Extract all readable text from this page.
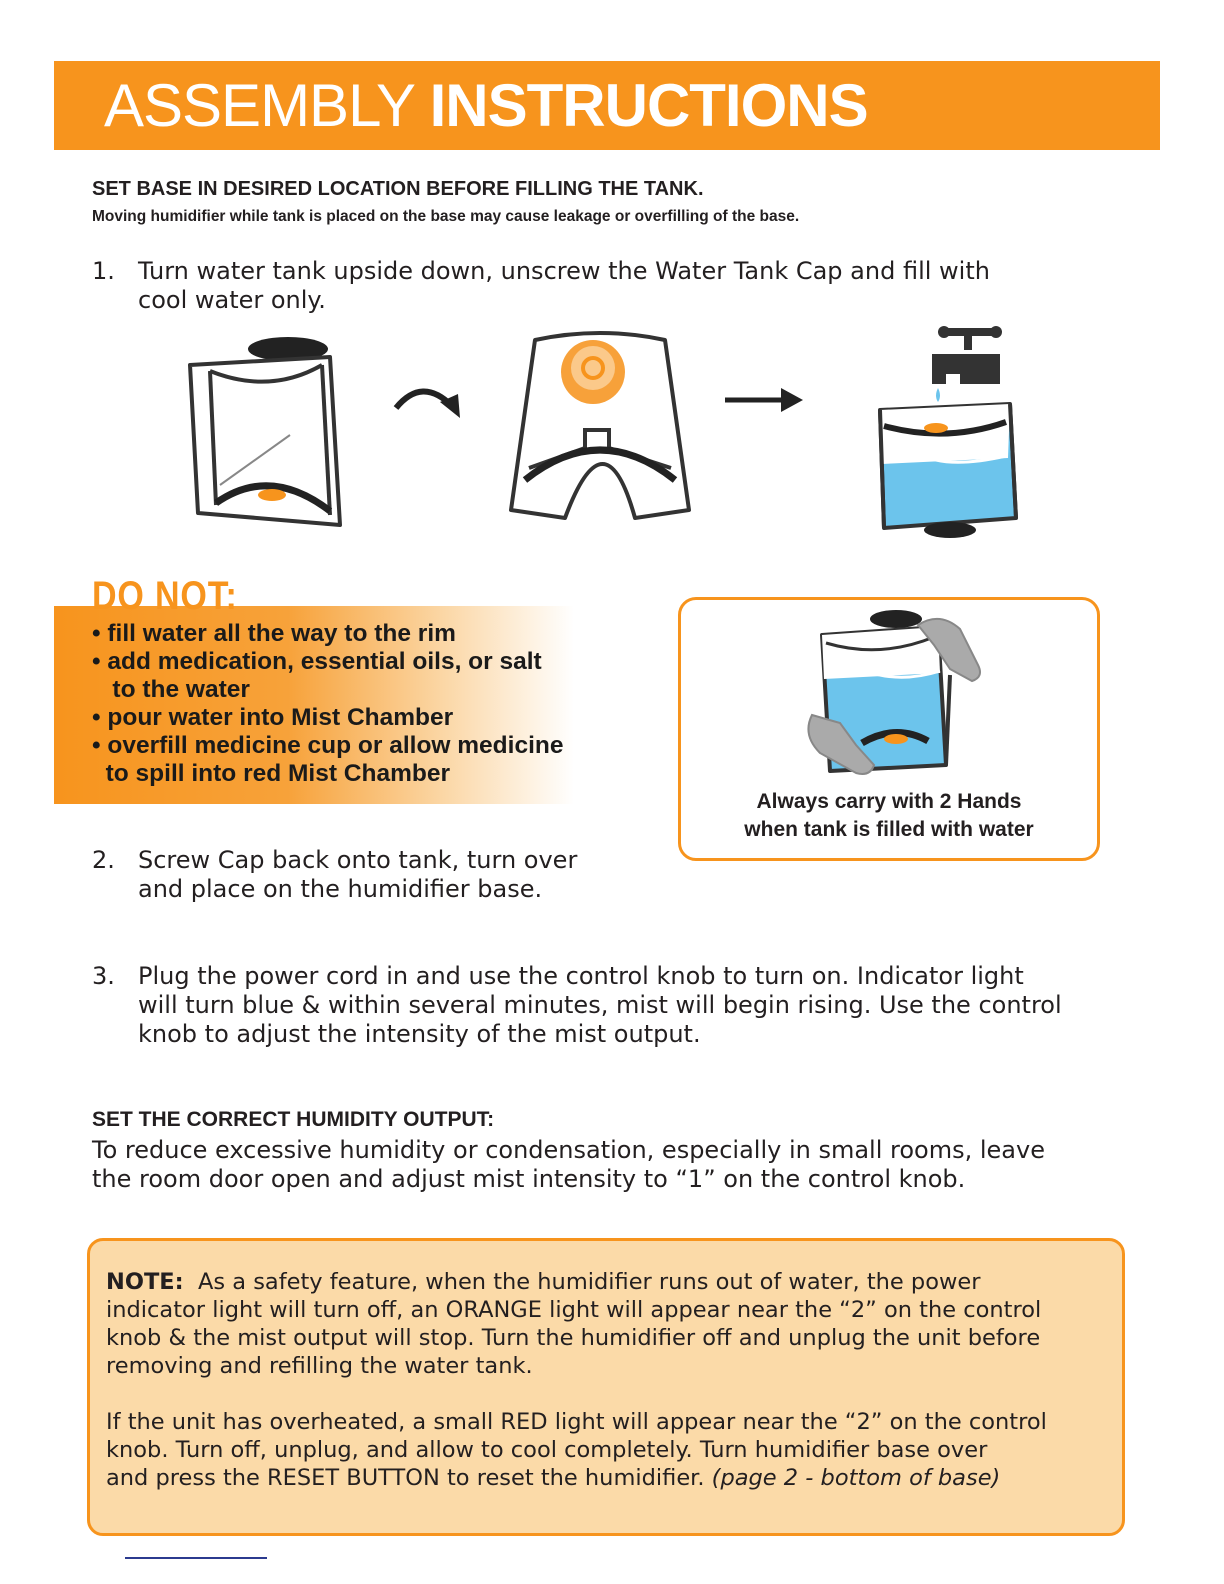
ASSEMBLY INSTRUCTIONS
SET BASE IN DESIRED LOCATION BEFORE FILLING THE TANK.
Moving humidifier while tank is placed on the base may cause leakage or overfilling of the base.
1. Turn water tank upside down, unscrew the Water Tank Cap and fill with
cool water only.
DO NOT:
• fill water all the way to the rim
• add medication, essential oils, or salt
to the water
• pour water into Mist Chamber
• overfill medicine cup or allow medicine
to spill into red Mist Chamber
Always carry with 2 Hands
when tank is filled with water
2. Screw Cap back onto tank, turn over
and place on the humidifier base.
3. Plug the power cord in and use the control knob to turn on. Indicator light
will turn blue & within several minutes, mist will begin rising. Use the control
knob to adjust the intensity of the mist output.
SET THE CORRECT HUMIDITY OUTPUT:
To reduce excessive humidity or condensation, especially in small rooms, leave
the room door open and adjust mist intensity to “1” on the control knob.
NOTE:  As a safety feature, when the humidifier runs out of water, the power
indicator light will turn off, an ORANGE light will appear near the “2” on the control
knob & the mist output will stop. Turn the humidifier off and unplug the unit before
removing and refilling the water tank.
If the unit has overheated, a small RED light will appear near the “2” on the control
knob. Turn off, unplug, and allow to cool completely. Turn humidifier base over
and press the RESET BUTTON to reset the humidifier. (page 2 - bottom of base)
